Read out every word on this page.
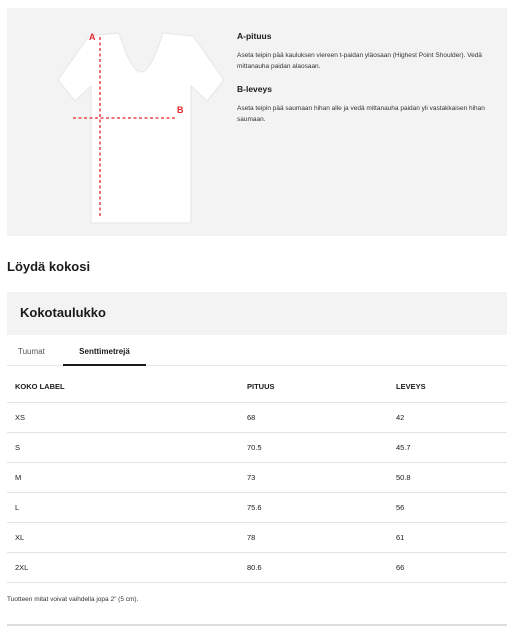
A
B
A-pituus
Aseta teipin pää kauluksen viereen t-paidan yläosaan (Highest Point Shoulder). Vedä mittanauha paidan alaosaan.
B-leveys
Aseta teipin pää saumaan hihan alle ja vedä mittanauha paidan yli vastakkaisen hihan saumaan.
Löydä kokosi
Kokotaulukko
Tuumat	Senttimetrejä
KOKO LABEL	PITUUS	LEVEYS
XS	68	42
S	70.5	45.7
M	73	50.8
L	75.6	56
XL	78	61
2XL	80.6	66
Tuotteen mitat voivat vaihdella jopa 2" (5 cm).
